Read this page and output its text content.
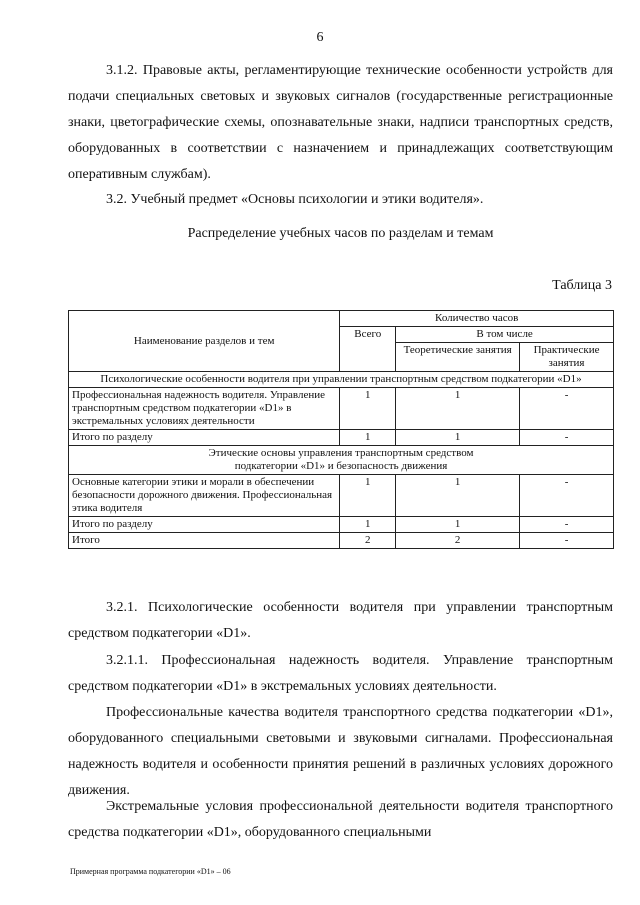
6
3.1.2. Правовые акты, регламентирующие технические особенности устройств для подачи специальных световых и звуковых сигналов (государственные регистрационные знаки, цветографические схемы, опознавательные знаки, надписи транспортных средств, оборудованных в соответствии с назначением и принадлежащих соответствующим оперативным службам).
3.2. Учебный предмет «Основы психологии и этики водителя».
Распределение учебных часов по разделам и темам
Таблица 3
Наименование разделов и тем	Количество часов		
	Всего	В том числе	
		Теоретические занятия	Практические занятия
Психологические особенности водителя при управлении транспортным средством подкатегории «D1»			
Профессиональная надежность водителя. Управление транспортным средством подкатегории «D1» в экстремальных условиях деятельности	1	1	-
Итого по разделу	1	1	-
Этические основы управления транспортным средством
подкатегории «D1» и безопасность движения			
Основные категории этики и морали в обеспечении безопасности дорожного движения. Профессиональная этика водителя	1	1	-
Итого по разделу	1	1	-
Итого	2	2	-
3.2.1. Психологические особенности водителя при управлении транспортным средством подкатегории «D1».
3.2.1.1. Профессиональная надежность водителя. Управление транспортным средством подкатегории «D1» в экстремальных условиях деятельности.
Профессиональные качества водителя транспортного средства подкатегории «D1», оборудованного специальными световыми и звуковыми сигналами. Профессиональная надежность водителя и особенности принятия решений в различных условиях дорожного движения.
Экстремальные условия профессиональной деятельности водителя транспортного средства подкатегории «D1», оборудованного специальными
Примерная программа подкатегории «D1» – 06
